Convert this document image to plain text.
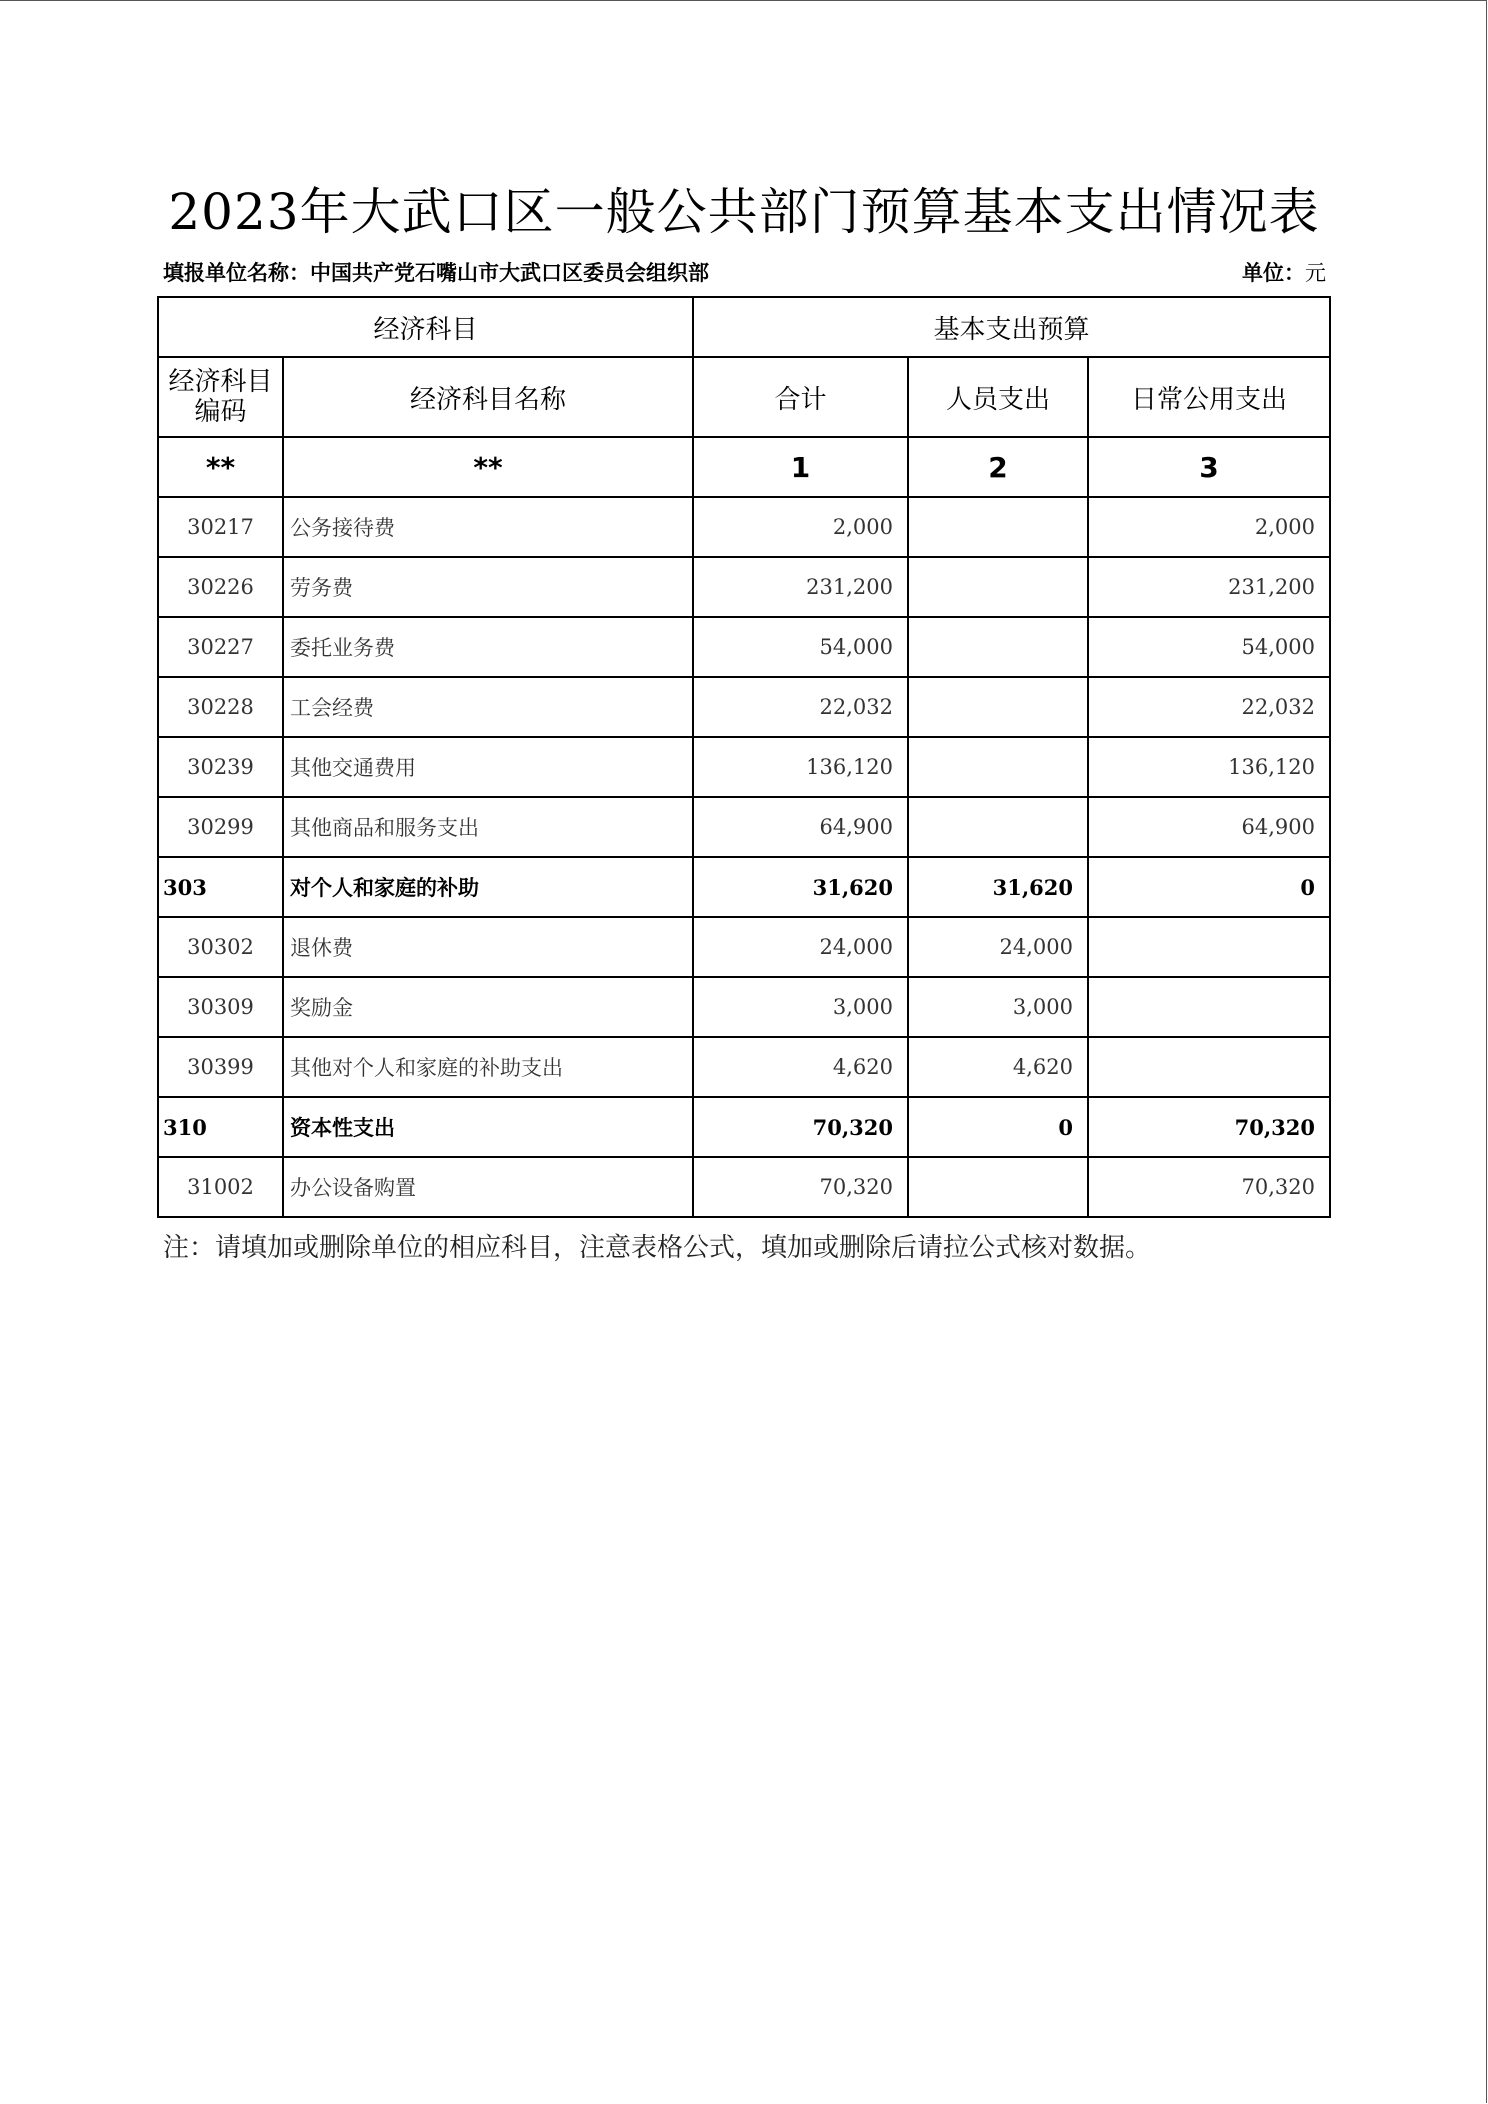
2023年大武口区一般公共部门预算基本支出情况表
填报单位名称：中国共产党石嘴山市大武口区委员会组织部	单位：元
经济科目		基本支出预算		

经济科目
编码	经济科目名称	合计	人员支出	日常公用支出
**	**	1	2	3
30217	公务接待费	2,000		2,000
30226	劳务费	231,200		231,200
30227	委托业务费	54,000		54,000
30228	工会经费	22,032		22,032
30239	其他交通费用	136,120		136,120
30299	其他商品和服务支出	64,900		64,900
303	对个人和家庭的补助	31,620	31,620	0
30302	退休费	24,000	24,000	
30309	奖励金	3,000	3,000	
30399	其他对个人和家庭的补助支出	4,620	4,620	
310	资本性支出	70,320	0	70,320
31002	办公设备购置	70,320		70,320
注：请填加或删除单位的相应科目，注意表格公式，填加或删除后请拉公式核对数据。
